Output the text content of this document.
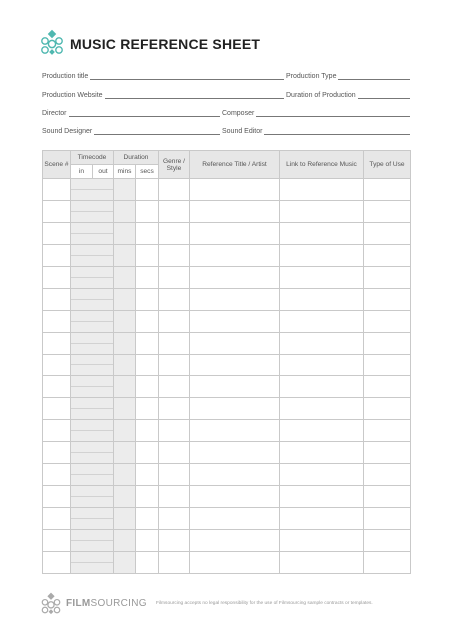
MUSIC REFERENCE SHEET
Production title	Production Type
Production Website	Duration of Production
Director	Composer
Sound Designer	Sound Editor
Scene #	Timecode		Duration		Genre / Style	Reference Title / Artist	Link to Reference Music	Type of Use
	in	out	mins	secs				

FILMSOURCING Filmsourcing accepts no legal responsibility for the use of Filmsourcing sample contracts or templates.
